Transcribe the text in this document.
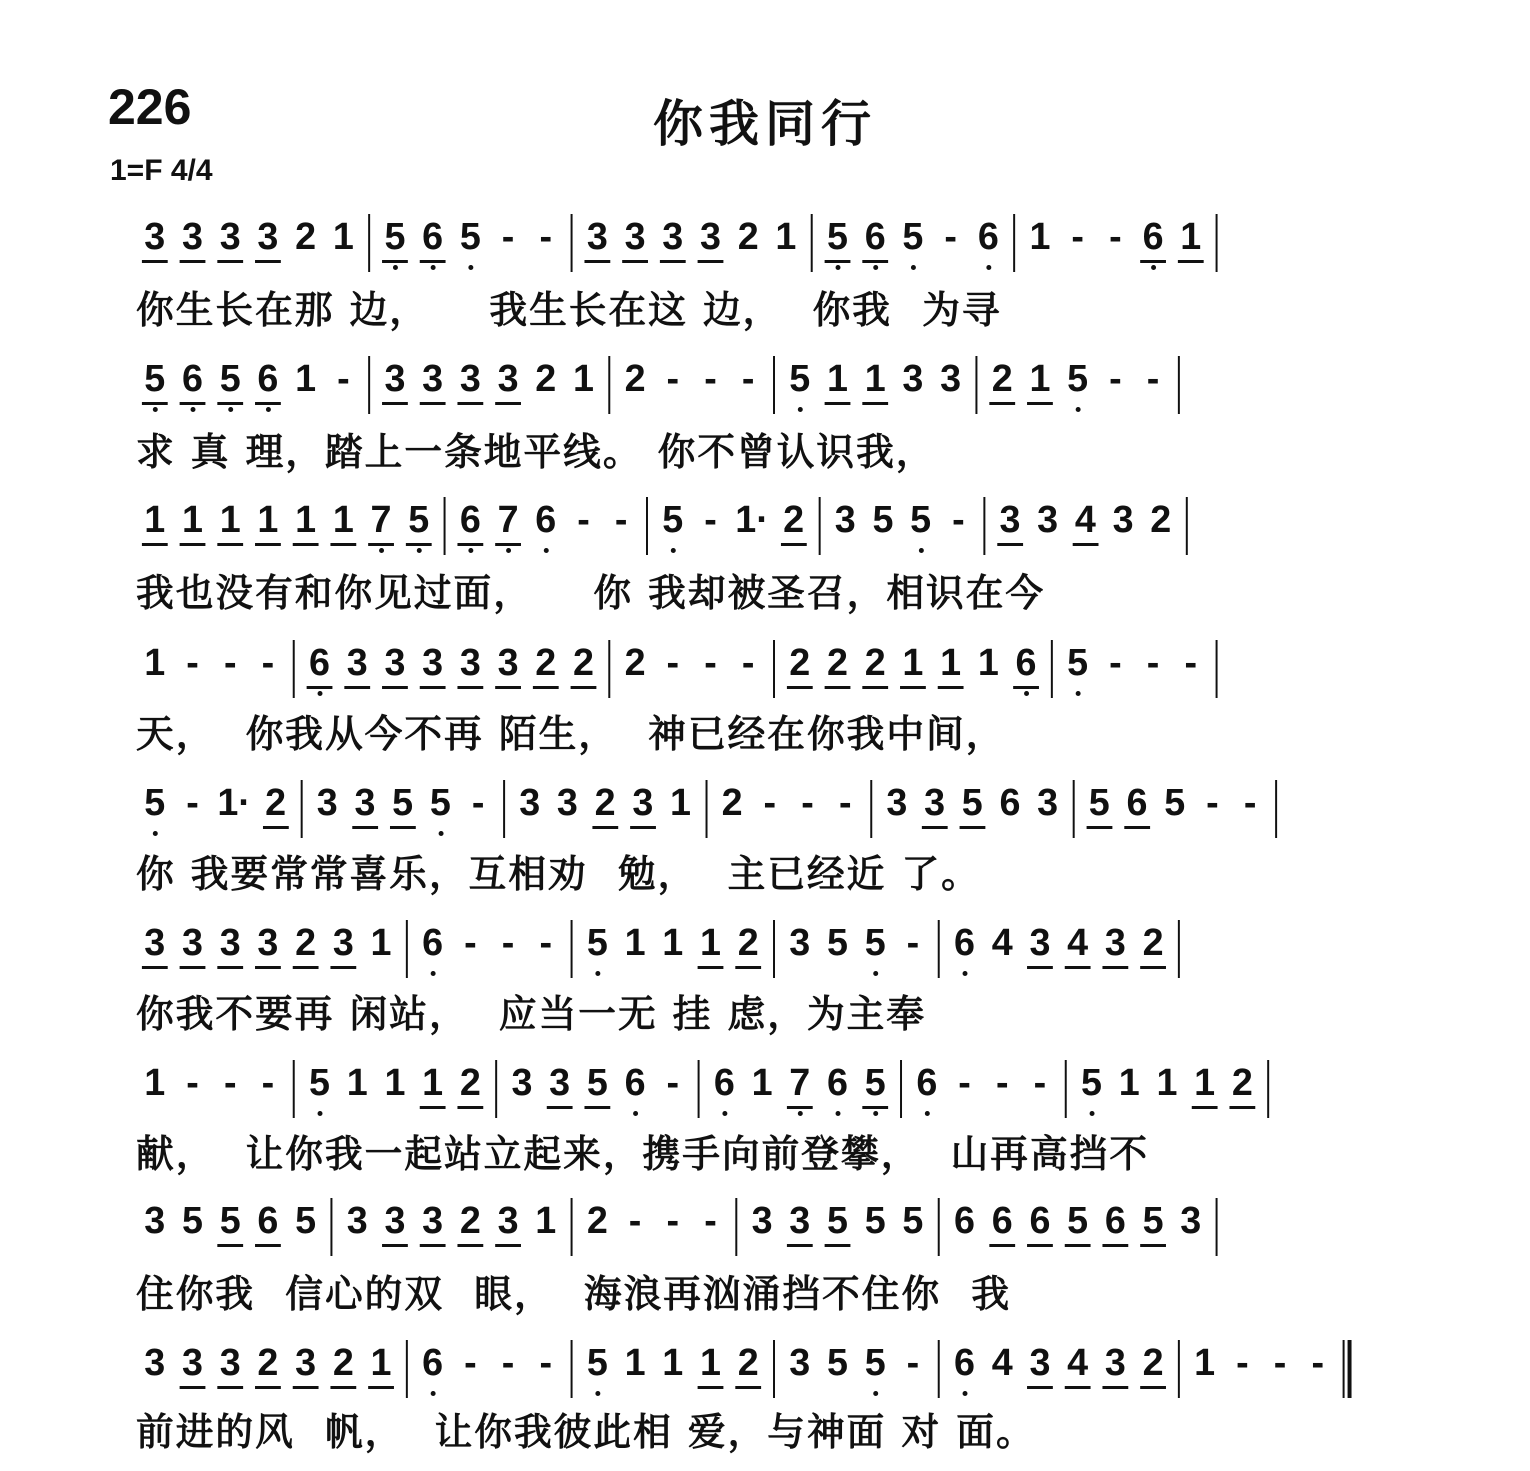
226	你我同行
1=F 4/4
3 3 3 3 2 1 5 6 5 - - 3 3 3 3 2 1 5 6 5 - 6 1 - - 6 1
你生长在那 边，    我生长在这 边，  你我  为寻
5 6 5 6 1 - 3 3 3 3 2 1 2 - - - 5 1 1 3 3 2 1 5 - -
求 真 理，踏上一条地平线。 你不曾认识我，
1 1 1 1 1 1 7 5 6 7 6 - - 5 - 1· 2 3 5 5 - 3 3 4 3 2
我也没有和你见过面，    你 我却被圣召，相识在今
1 - - - 6 3 3 3 3 3 2 2 2 - - - 2 2 2 1 1 1 6 5 - - -
天，  你我从今不再 陌生，  神已经在你我中间，
5 - 1· 2 3 3 5 5 - 3 3 2 3 1 2 - - - 3 3 5 6 3 5 6 5 - -
你 我要常常喜乐，互相劝  勉，  主已经近 了。
3 3 3 3 2 3 1 6 - - - 5 1 1 1 2 3 5 5 - 6 4 3 4 3 2
你我不要再 闲站，  应当一无 挂 虑，为主奉
1 - - - 5 1 1 1 2 3 3 5 6 - 6 1 7 6 5 6 - - - 5 1 1 1 2
献，  让你我一起站立起来，携手向前登攀，  山再高挡不
3 5 5 6 5 3 3 3 2 3 1 2 - - - 3 3 5 5 5 6 6 6 5 6 5 3
住你我  信心的双  眼，  海浪再汹涌挡不住你  我
3 3 3 2 3 2 1 6 - - - 5 1 1 1 2 3 5 5 - 6 4 3 4 3 2 1 - - -
前进的风  帆，  让你我彼此相 爱，与神面 对 面。
